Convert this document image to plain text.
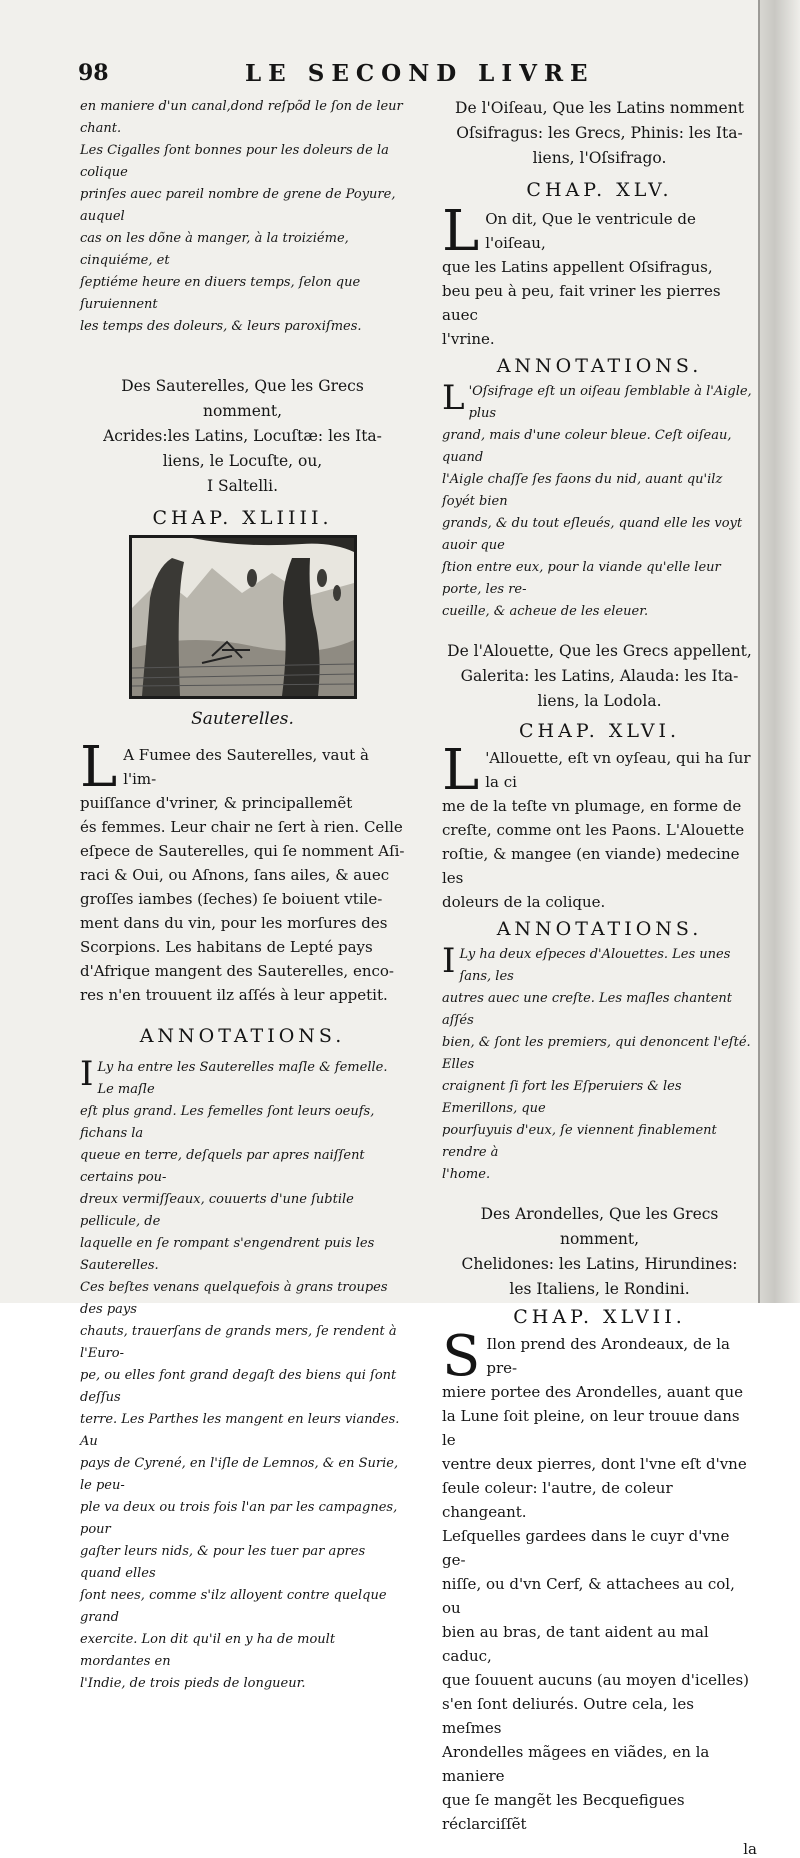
98	LE SECOND LIVRE

en maniere d'un canal,dond reſpõd le ſon de leur chant.

Les Cigalles ſont bonnes pour les doleurs de la colique

prinſes auec pareil nombre de grene de Poyure, auquel

cas on les dõne à manger, à la troiziéme, cinquiéme, et

ſeptiéme heure en diuers temps, ſelon que ſuruiennent

les temps des doleurs, & leurs paroxiſmes.

Des Sauterelles, Que les Grecs nomment,

Acrides:les Latins, Locuſtæ: les Ita-

liens, le Locuſte, ou,

I Saltelli.

CHAP. XLIIII.

Sauterelles.

L A Fumee des Sauterelles, vaut à l'im-

puiſſance d'vriner, & principallemẽt

és femmes. Leur chair ne ſert à rien. Celle

eſpece de Sauterelles, qui ſe nomment Aſi-

raci & Oui, ou Aſnons, ſans ailes, & auec

groſſes iambes (ſeches) ſe boiuent vtile-

ment dans du vin, pour les morſures des

Scorpions. Les habitans de Lepté pays

d'Afrique mangent des Sauterelles, enco-

res n'en trouuent ilz aſſés à leur appetit.

ANNOTATIONS.

I Ly ha entre les Sauterelles maſle & femelle. Le maſle

eſt plus grand. Les femelles ſont leurs oeufs, fichans la

queue en terre, deſquels par apres naiſſent certains pou-

dreux vermiſſeaux, couuerts d'une ſubtile pellicule, de

laquelle en ſe rompant s'engendrent puis les Sauterelles.

Ces beſtes venans quelquefois à grans troupes des pays

chauts, trauerſans de grands mers, ſe rendent à l'Euro-

pe, ou elles font grand degaſt des biens qui ſont deſſus

terre. Les Parthes les mangent en leurs viandes. Au

pays de Cyrené, en l'iſle de Lemnos, & en Surie, le peu-

ple va deux ou trois fois l'an par les campagnes, pour

gaſter leurs nids, & pour les tuer par apres quand elles

ſont nees, comme s'ilz alloyent contre quelque grand

exercite. Lon dit qu'il en y ha de moult mordantes en

l'Indie, de trois pieds de longueur.

De l'Oiſeau, Que les Latins nomment

Oſsifragus: les Grecs, Phinis: les Ita-

liens, l'Oſsifrago.

CHAP. XLV.

L On dit, Que le ventricule de l'oiſeau,

que les Latins appellent Oſsifragus,

beu peu à peu, fait vriner les pierres auec

l'vrine.

ANNOTATIONS.

L 'Oſsifrage eſt un oiſeau ſemblable à l'Aigle, plus

grand, mais d'une coleur bleue. Ceſt oiſeau, quand

l'Aigle chaſſe ſes faons du nid, auant qu'ilz ſoyét bien

grands, & du tout eſleués, quand elle les voyt auoir que

ſtion entre eux, pour la viande qu'elle leur porte, les re-

cueille, & acheue de les eleuer.

De l'Alouette, Que les Grecs appellent,

Galerita: les Latins, Alauda: les Ita-

liens, la Lodola.

CHAP. XLVI.

L 'Allouette, eſt vn oyſeau, qui ha ſur la ci

me de la teſte vn plumage, en forme de

creſte, comme ont les Paons. L'Alouette

roſtie, & mangee (en viande) medecine les

doleurs de la colique.

ANNOTATIONS.

I Ly ha deux eſpeces d'Alouettes. Les unes ſans, les

autres auec une creſte. Les maſles chantent aſſés

bien, & ſont les premiers, qui denoncent l'eſté. Elles

craignent ſi fort les Eſperuiers & les Emerillons, que

pourſuyuis d'eux, ſe viennent finablement rendre à

l'home.

Des Arondelles, Que les Grecs nomment,

Chelidones: les Latins, Hirundines:

les Italiens, le Rondini.

CHAP. XLVII.

S Ilon prend des Arondeaux, de la pre-

miere portee des Arondelles, auant que

la Lune ſoit pleine, on leur trouue dans le

ventre deux pierres, dont l'vne eſt d'vne

ſeule coleur: l'autre, de coleur changeant.

Leſquelles gardees dans le cuyr d'vne ge-

niſſe, ou d'vn Cerf, & attachees au col, ou

bien au bras, de tant aident au mal caduc,

que ſouuent aucuns (au moyen d'icelles)

s'en ſont deliurés. Outre cela, les meſmes

Arondelles mãgees en viãdes, en la maniere

que ſe mangẽt les Becquefigues réclarciſſẽt

la
